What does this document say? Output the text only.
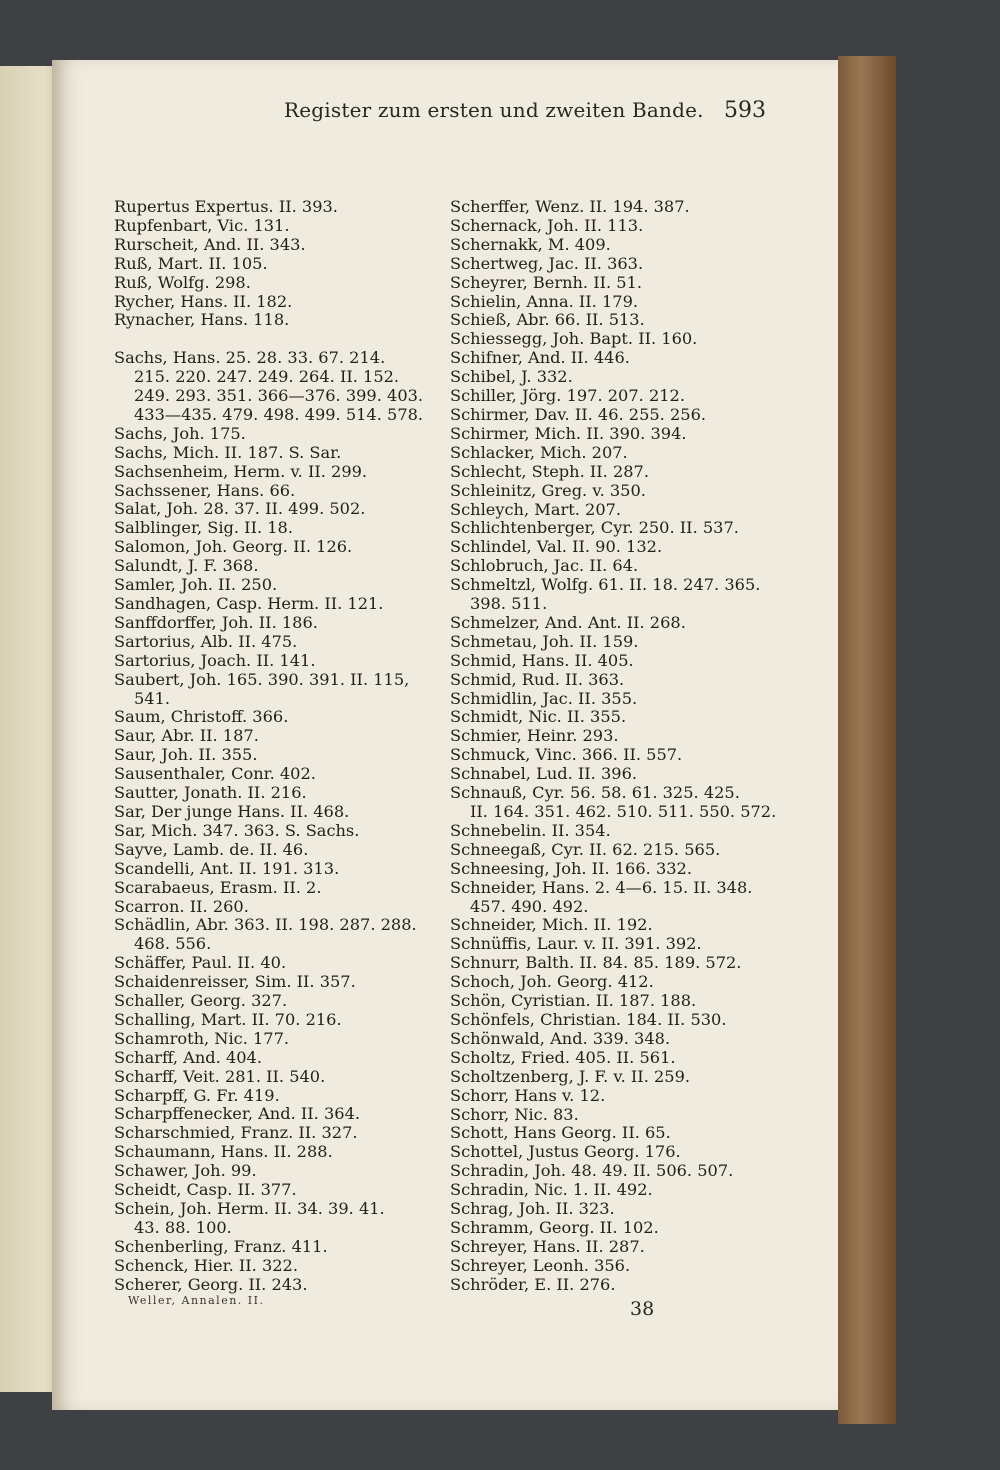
Register zum ersten und zweiten Bande. 593
Rupertus Expertus. II. 393.
Rupfenbart, Vic. 131.
Rurscheit, And. II. 343.
Ruß, Mart. II. 105.
Ruß, Wolfg. 298.
Rycher, Hans. II. 182.
Rynacher, Hans. 118.
Sachs, Hans. 25. 28. 33. 67. 214.
215. 220. 247. 249. 264. II. 152.
249. 293. 351. 366—376. 399. 403.
433—435. 479. 498. 499. 514. 578.
Sachs, Joh. 175.
Sachs, Mich. II. 187. S. Sar.
Sachsenheim, Herm. v. II. 299.
Sachssener, Hans. 66.
Salat, Joh. 28. 37. II. 499. 502.
Salblinger, Sig. II. 18.
Salomon, Joh. Georg. II. 126.
Salundt, J. F. 368.
Samler, Joh. II. 250.
Sandhagen, Casp. Herm. II. 121.
Sanffdorffer, Joh. II. 186.
Sartorius, Alb. II. 475.
Sartorius, Joach. II. 141.
Saubert, Joh. 165. 390. 391. II. 115,
541.
Saum, Christoff. 366.
Saur, Abr. II. 187.
Saur, Joh. II. 355.
Sausenthaler, Conr. 402.
Sautter, Jonath. II. 216.
Sar, Der junge Hans. II. 468.
Sar, Mich. 347. 363. S. Sachs.
Sayve, Lamb. de. II. 46.
Scandelli, Ant. II. 191. 313.
Scarabaeus, Erasm. II. 2.
Scarron. II. 260.
Schädlin, Abr. 363. II. 198. 287. 288.
468. 556.
Schäffer, Paul. II. 40.
Schaidenreisser, Sim. II. 357.
Schaller, Georg. 327.
Schalling, Mart. II. 70. 216.
Schamroth, Nic. 177.
Scharff, And. 404.
Scharff, Veit. 281. II. 540.
Scharpff, G. Fr. 419.
Scharpffenecker, And. II. 364.
Scharschmied, Franz. II. 327.
Schaumann, Hans. II. 288.
Schawer, Joh. 99.
Scheidt, Casp. II. 377.
Schein, Joh. Herm. II. 34. 39. 41.
43. 88. 100.
Schenberling, Franz. 411.
Schenck, Hier. II. 322.
Scherer, Georg. II. 243.
Scherffer, Wenz. II. 194. 387.
Schernack, Joh. II. 113.
Schernakk, M. 409.
Schertweg, Jac. II. 363.
Scheyrer, Bernh. II. 51.
Schielin, Anna. II. 179.
Schieß, Abr. 66. II. 513.
Schiessegg, Joh. Bapt. II. 160.
Schifner, And. II. 446.
Schibel, J. 332.
Schiller, Jörg. 197. 207. 212.
Schirmer, Dav. II. 46. 255. 256.
Schirmer, Mich. II. 390. 394.
Schlacker, Mich. 207.
Schlecht, Steph. II. 287.
Schleinitz, Greg. v. 350.
Schleych, Mart. 207.
Schlichtenberger, Cyr. 250. II. 537.
Schlindel, Val. II. 90. 132.
Schlobruch, Jac. II. 64.
Schmeltzl, Wolfg. 61. II. 18. 247. 365.
398. 511.
Schmelzer, And. Ant. II. 268.
Schmetau, Joh. II. 159.
Schmid, Hans. II. 405.
Schmid, Rud. II. 363.
Schmidlin, Jac. II. 355.
Schmidt, Nic. II. 355.
Schmier, Heinr. 293.
Schmuck, Vinc. 366. II. 557.
Schnabel, Lud. II. 396.
Schnauß, Cyr. 56. 58. 61. 325. 425.
II. 164. 351. 462. 510. 511. 550. 572.
Schnebelin. II. 354.
Schneegaß, Cyr. II. 62. 215. 565.
Schneesing, Joh. II. 166. 332.
Schneider, Hans. 2. 4—6. 15. II. 348.
457. 490. 492.
Schneider, Mich. II. 192.
Schnüffis, Laur. v. II. 391. 392.
Schnurr, Balth. II. 84. 85. 189. 572.
Schoch, Joh. Georg. 412.
Schön, Cyristian. II. 187. 188.
Schönfels, Christian. 184. II. 530.
Schönwald, And. 339. 348.
Scholtz, Fried. 405. II. 561.
Scholtzenberg, J. F. v. II. 259.
Schorr, Hans v. 12.
Schorr, Nic. 83.
Schott, Hans Georg. II. 65.
Schottel, Justus Georg. 176.
Schradin, Joh. 48. 49. II. 506. 507.
Schradin, Nic. 1. II. 492.
Schrag, Joh. II. 323.
Schramm, Georg. II. 102.
Schreyer, Hans. II. 287.
Schreyer, Leonh. 356.
Schröder, E. II. 276.
Weller, Annalen. II.	38
